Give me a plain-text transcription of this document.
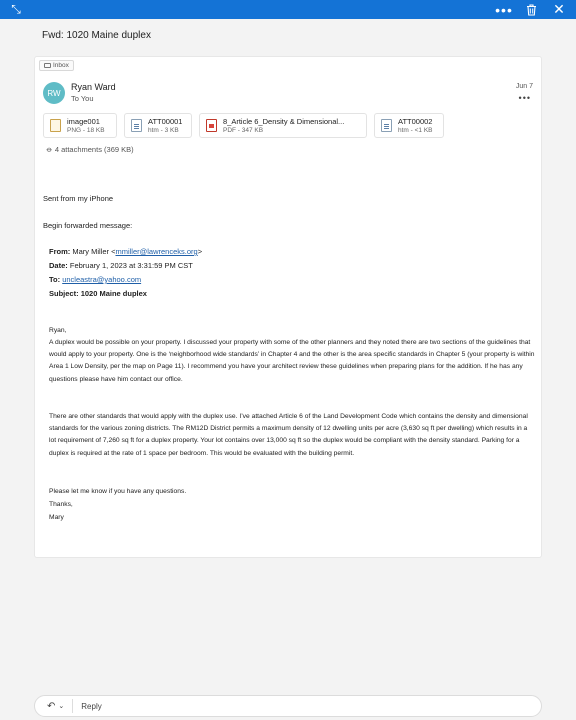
⤡	•••	✕
Fwd: 1020 Maine duplex
Inbox
RW
Ryan Ward
To You
Jun 7
•••
image001
PNG - 18 KB
ATT00001
htm - 3 KB
8_Article 6_Density & Dimensional...
PDF - 347 KB
ATT00002
htm - <1 KB
⌀ 4 attachments (369 KB)
Sent from my iPhone
Begin forwarded message:
From: Mary Miller <mmiller@lawrenceks.org>
Date: February 1, 2023 at 3:31:59 PM CST
To: uncleastra@yahoo.com
Subject: 1020 Maine duplex
Ryan,
A duplex would be possible on your property. I discussed your property with some of the other planners and they noted there are two sections of the guidelines that would apply to your property. One is the ‘neighborhood wide standards’ in Chapter 4 and the other is the area specific standards in Chapter 5 (your property is within Area 1 Low Density, per the map on Page 11). I recommend you have your architect review these guidelines when preparing plans for the addition. If he has any questions please have him contact our office.
There are other standards that would apply with the duplex use. I’ve attached Article 6 of the Land Development Code which contains the density and dimensional standards for the various zoning districts. The RM12D District permits a maximum density of 12 dwelling units per acre (3,630 sq ft per dwelling) which results in a lot requirement of 7,260 sq ft for a duplex property. Your lot contains over 13,000 sq ft so the duplex would be compliant with the density standard. Parking for a duplex is required at the rate of 1 space per bedroom. This would be evaluated with the building permit.
Please let me know if you have any questions.
Thanks,
Mary
↶ ⌄	Reply
